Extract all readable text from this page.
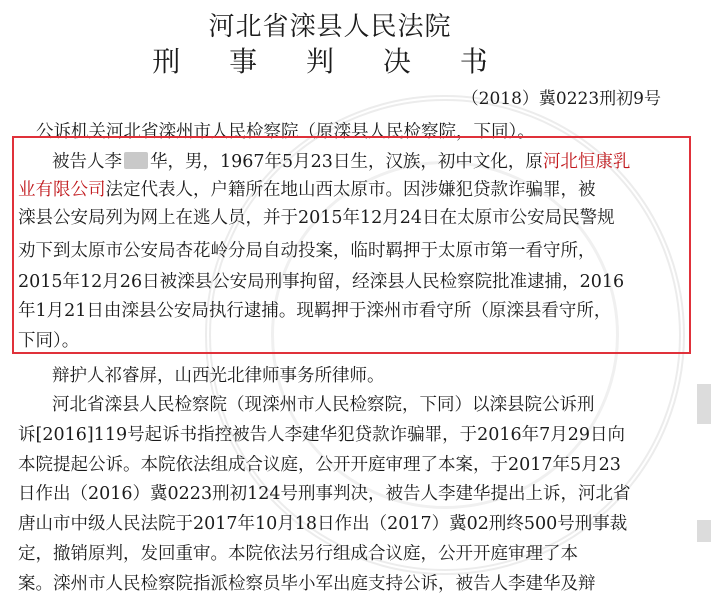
河北省滦县人民法院
刑 事 判 决 书
（2018）冀0223刑初9号
公诉机关河北省滦州市人民检察院（原滦县人民检察院，下同）。
被告人李 华，男，1967年5月23日生，汉族，初中文化，原河北恒康乳
业有限公司法定代表人，户籍所在地山西太原市。因涉嫌犯贷款诈骗罪，被
滦县公安局列为网上在逃人员，并于2015年12月24日在太原市公安局民警规
劝下到太原市公安局杏花岭分局自动投案，临时羁押于太原市第一看守所，
2015年12月26日被滦县公安局刑事拘留，经滦县人民检察院批准逮捕，2016
年1月21日由滦县公安局执行逮捕。现羁押于滦州市看守所（原滦县看守所，
下同）。
辩护人祁睿屏，山西光北律师事务所律师。
河北省滦县人民检察院（现滦州市人民检察院，下同）以滦县院公诉刑
诉[2016]119号起诉书指控被告人李建华犯贷款诈骗罪，于2016年7月29日向
本院提起公诉。本院依法组成合议庭，公开开庭审理了本案，于2017年5月23
日作出（2016）冀0223刑初124号刑事判决，被告人李建华提出上诉，河北省
唐山市中级人民法院于2017年10月18日作出（2017）冀02刑终500号刑事裁
定，撤销原判，发回重审。本院依法另行组成合议庭，公开开庭审理了本
案。滦州市人民检察院指派检察员毕小军出庭支持公诉，被告人李建华及辩
